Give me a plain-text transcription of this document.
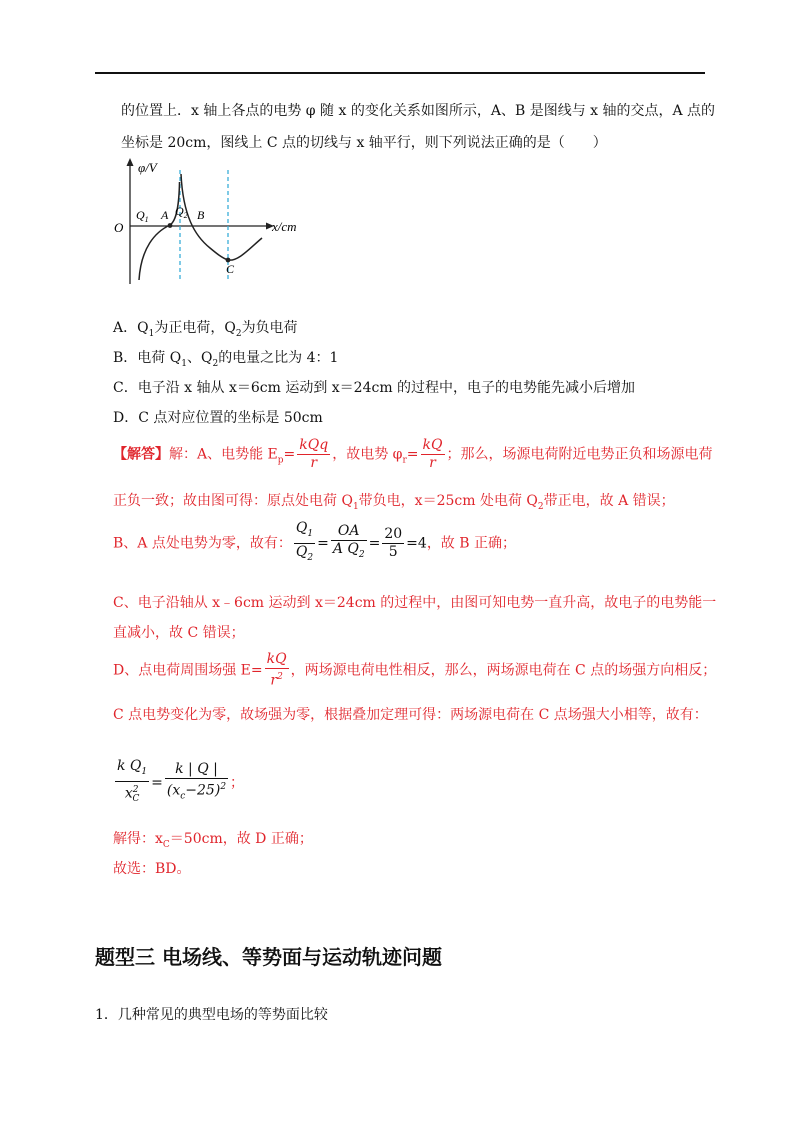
的位置上．x 轴上各点的电势 φ 随 x 的变化关系如图所示，A、B 是图线与 x 轴的交点，A 点的
坐标是 20cm，图线上 C 点的切线与 x 轴平行，则下列说法正确的是（　　）
φ/V
x/cm
O
$Q_1$ A $Q_2$ B
C
A．$Q_1$为正电荷，$Q_2$为负电荷
B．电荷 $Q_1$、$Q_2$的电量之比为 4：1
C．电子沿 x 轴从 x＝6cm 运动到 x＝24cm 的过程中，电子的电势能先减小后增加
D．C 点对应位置的坐标是 50cm
【解答】解：A、电势能 $E_p= \frac{\text{kQq}}{r}$ ，故电势 $\varphi_r= \frac{kQ}{r}$ ；那么，场源电荷附近电势正负和场源电荷
正负一致；故由图可得：原点处电荷 $Q_1$带负电，x＝25cm 处电荷 $Q_2$带正电，故 A 错误；
B、A 点处电势为零，故有： $\frac{Q_1}{Q_2} = \frac{OA}{A Q_2} = \frac{20}{5} =4$，故 B 正确；
C、电子沿轴从 x﹣6cm 运动到 x＝24cm 的过程中，由图可知电势一直升高，故电子的电势能一
直减小，故 C 错误；
D、点电荷周围场强 $E= \frac{kQ}{r^2}$ ，两场源电荷电性相反，那么，两场源电荷在 C 点的场强方向相反；
C 点电势变化为零，故场强为零，根据叠加定理可得：两场源电荷在 C 点场强大小相等，故有：
$\frac{k Q_1}{x^2_C} = \frac{k | Q |}{(x_c-25)^2}$ ；
解得：$x_C=50cm$，故 D 正确；
故选：BD。
题型三 电场线、等势面与运动轨迹问题
1．几种常见的典型电场的等势面比较
